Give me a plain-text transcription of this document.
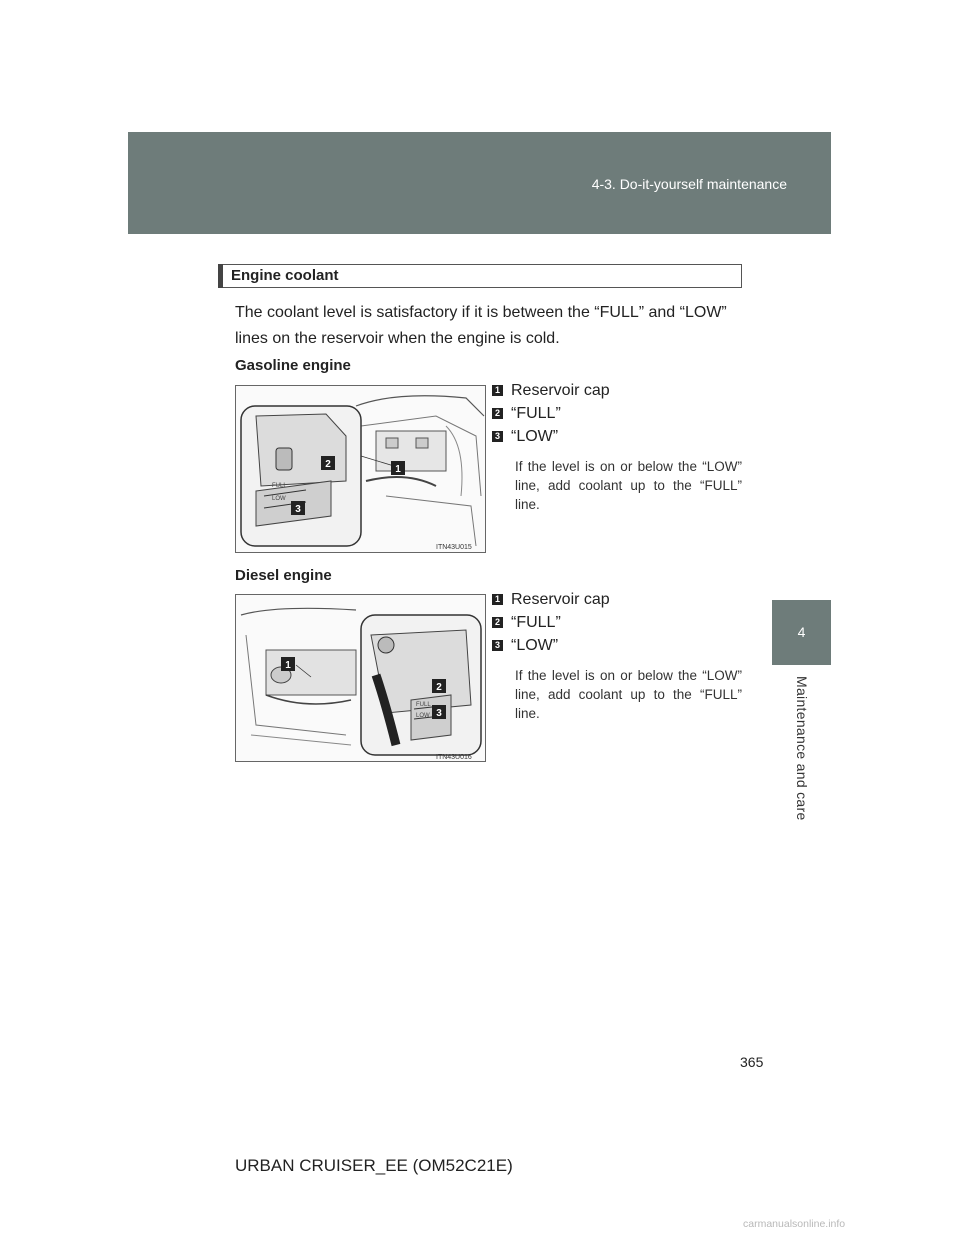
4-3. Do-it-yourself maintenance
4
Maintenance and care
Engine coolant
The coolant level is satisfactory if it is between the “FULL” and “LOW” lines on the reservoir when the engine is cold.
Gasoline engine
FULL
LOW
2	1
3
ITN43U015
1 Reservoir cap
2 “FULL”
3 “LOW”
If the level is on or below the “LOW” line, add coolant up to the “FULL” line.
Diesel engine
FULL
LOW
1
2
3
ITN43U016
1 Reservoir cap
2 “FULL”
3 “LOW”
If the level is on or below the “LOW” line, add coolant up to the “FULL” line.
365
URBAN CRUISER_EE (OM52C21E)
carmanualsonline.info
